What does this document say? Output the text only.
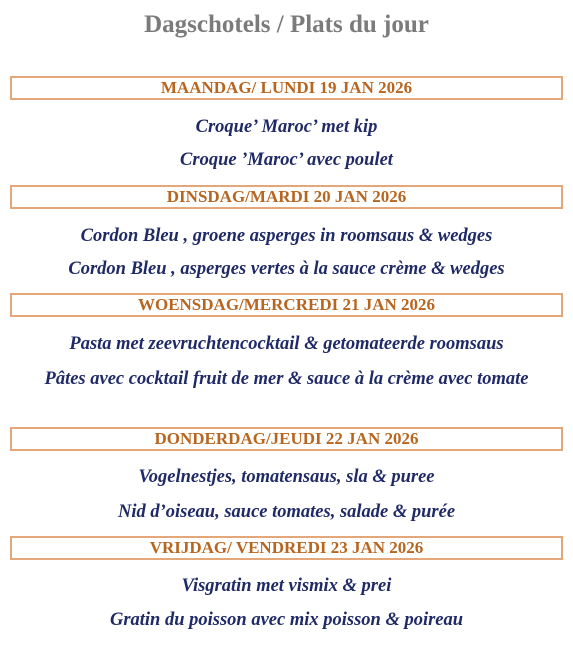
Dagschotels / Plats du jour
MAANDAG/ LUNDI 19 JAN 2026
Croque’ Maroc’ met kip
Croque ’Maroc’ avec poulet
DINSDAG/MARDI 20 JAN 2026
Cordon Bleu , groene asperges in roomsaus & wedges
Cordon Bleu , asperges vertes à la sauce crème & wedges
WOENSDAG/MERCREDI 21 JAN 2026
Pasta met zeevruchtencocktail & getomateerde roomsaus
Pâtes avec cocktail fruit de mer & sauce à la crème avec tomate
DONDERDAG/JEUDI 22 JAN 2026
Vogelnestjes, tomatensaus, sla & puree
Nid d’oiseau, sauce tomates, salade & purée
VRIJDAG/ VENDREDI 23 JAN 2026
Visgratin met vismix & prei
Gratin du poisson avec mix poisson & poireau
